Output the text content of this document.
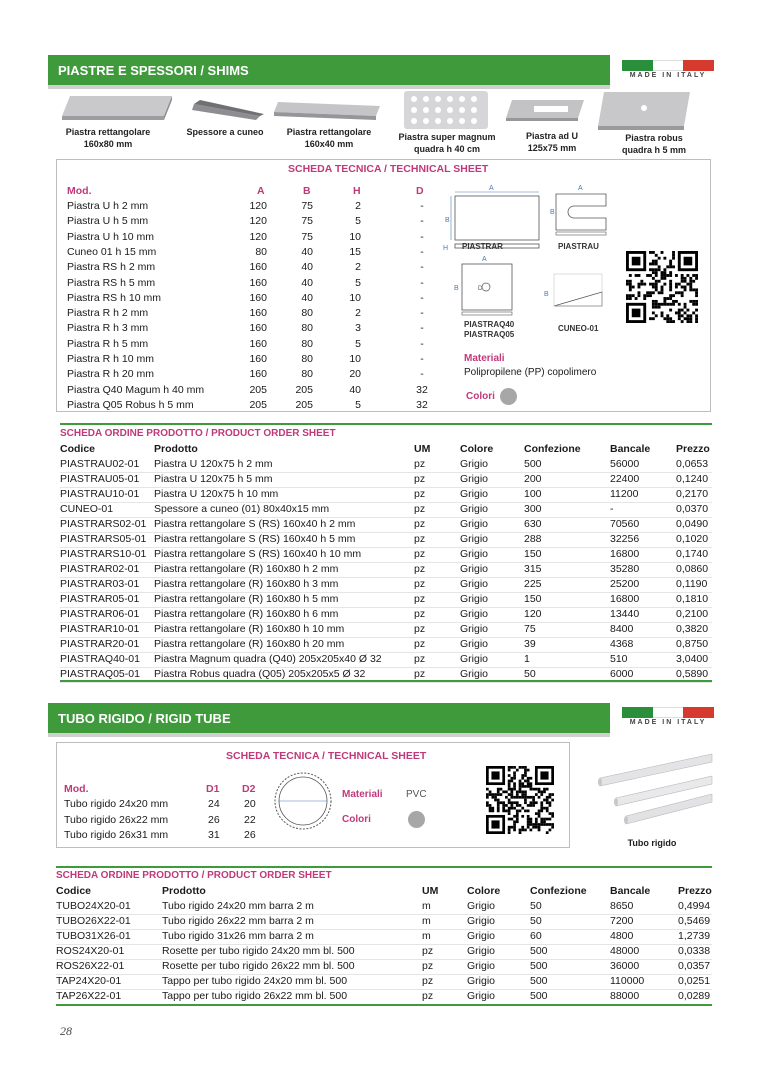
PIASTRE E SPESSORI / SHIMS	MADE IN ITALY
Piastra rettangolare
160x80 mm
Spessore a cuneo	Piastra rettangolare
160x40 mm
Piastra super magnum
quadra h 40 cm
Piastra ad U
125x75 mm
Piastra robus
quadra h 5 mm
SCHEDA TECNICA / TECHNICAL SHEET
Mod.	A	B	H	D
Piastra U h 2 mm	120	75	2	-
Piastra U h 5 mm	120	75	5	-
Piastra U h 10 mm	120	75	10	-
Cuneo 01 h 15 mm	80	40	15	-
Piastra RS h 2 mm	160	40	2	-
Piastra RS h 5 mm	160	40	5	-
Piastra RS h 10 mm	160	40	10	-
Piastra R h 2 mm	160	80	2	-
Piastra R h 3 mm	160	80	3	-
Piastra R h 5 mm	160	80	5	-
Piastra R h 10 mm	160	80	10	-
Piastra R h 20 mm	160	80	20	-
Piastra Q40 Magum h 40 mm	205	205	40	32
Piastra Q05 Robus h 5 mm	205	205	5	32
A
B
H PIASTRAR
A
B
PIASTRAU
A
D
B
PIASTRAQ40
PIASTRAQ05
B
CUNEO-01
Materiali
Polipropilene (PP) copolimero
Colori
SCHEDA ORDINE PRODOTTO / PRODUCT ORDER SHEET
Codice	Prodotto	UM	Colore	Confezione	Bancale Prezzo
PIASTRAU02-01 Piastra U 120x75 h 2 mm	pz	Grigio	500	56000	0,0653
PIASTRAU05-01 Piastra U 120x75 h 5 mm	pz	Grigio	200	22400	0,1240
PIASTRAU10-01 Piastra U 120x75 h 10 mm	pz	Grigio	100	11200	0,2170
CUNEO-01	Spessore a cuneo (01) 80x40x15 mm	pz	Grigio	300	-	0,0370
PIASTRARS02-01 Piastra rettangolare S (RS) 160x40 h 2 mm	pz	Grigio	630	70560	0,0490
PIASTRARS05-01 Piastra rettangolare S (RS) 160x40 h 5 mm	pz	Grigio	288	32256	0,1020
PIASTRARS10-01 Piastra rettangolare S (RS) 160x40 h 10 mm	pz	Grigio	150	16800	0,1740
PIASTRAR02-01 Piastra rettangolare (R) 160x80 h 2 mm	pz	Grigio	315	35280	0,0860
PIASTRAR03-01 Piastra rettangolare (R) 160x80 h 3 mm	pz	Grigio	225	25200	0,1190
PIASTRAR05-01 Piastra rettangolare (R) 160x80 h 5 mm	pz	Grigio	150	16800	0,1810
PIASTRAR06-01 Piastra rettangolare (R) 160x80 h 6 mm	pz	Grigio	120	13440	0,2100
PIASTRAR10-01 Piastra rettangolare (R) 160x80 h 10 mm	pz	Grigio	75	8400	0,3820
PIASTRAR20-01 Piastra rettangolare (R) 160x80 h 20 mm	pz	Grigio	39	4368	0,8750
PIASTRAQ40-01 Piastra Magnum quadra (Q40) 205x205x40 Ø 32	pz	Grigio	1	510	3,0400
PIASTRAQ05-01 Piastra Robus quadra (Q05) 205x205x5 Ø 32	pz	Grigio	50	6000	0,5890
TUBO RIGIDO / RIGID TUBE	MADE IN ITALY
SCHEDA TECNICA / TECHNICAL SHEET
Mod.	D1 D2
Tubo rigido 24x20 mm	24 20
Tubo rigido 26x22 mm	26 22
Tubo rigido 26x31 mm	31 26
Materiali PVC
Colori
Tubo rigido
SCHEDA ORDINE PRODOTTO / PRODUCT ORDER SHEET
Codice	Prodotto	UM	Colore	Confezione Bancale	Prezzo
TUBO24X20-01	Tubo rigido 24x20 mm barra 2 m	m	Grigio	50	8650	0,4994
TUBO26X22-01	Tubo rigido 26x22 mm barra 2 m	m	Grigio	50	7200	0,5469
TUBO31X26-01	Tubo rigido 31x26 mm barra 2 m	m	Grigio	60	4800	1,2739
ROS24X20-01	Rosette per tubo rigido 24x20 mm bl. 500	pz	Grigio	500	48000	0,0338
ROS26X22-01	Rosette per tubo rigido 26x22 mm bl. 500	pz	Grigio	500	36000	0,0357
TAP24X20-01	Tappo per tubo rigido 24x20 mm bl. 500	pz	Grigio	500	110000	0,0251
TAP26X22-01	Tappo per tubo rigido 26x22 mm bl. 500	pz	Grigio	500	88000	0,0289
28
